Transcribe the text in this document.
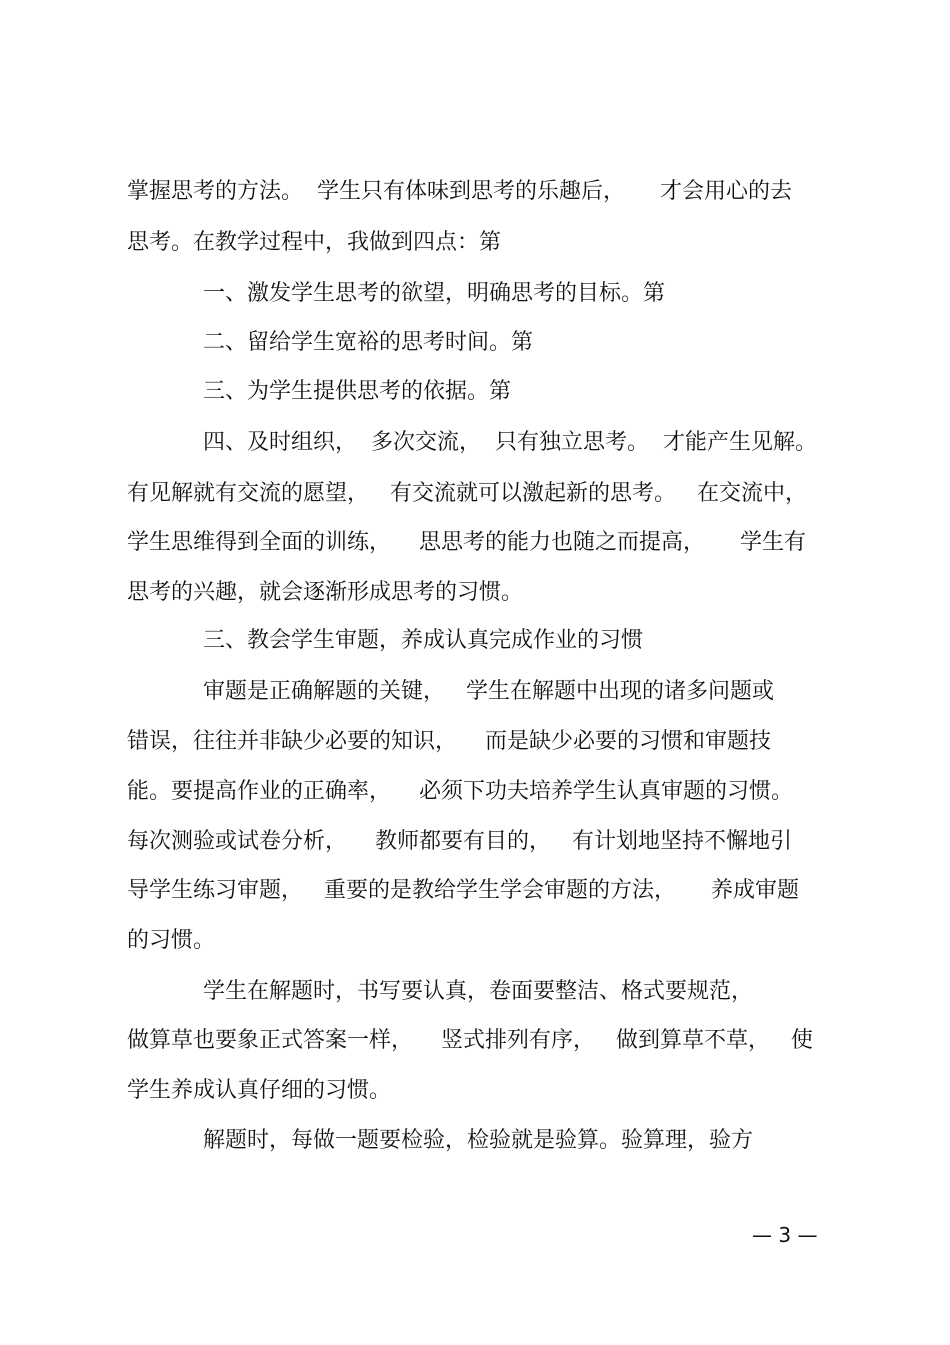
掌握思考的方法。  学生只有体味到思考的乐趣后，     才会用心的去
思考。在教学过程中，我做到四点：第
一、激发学生思考的欲望，明确思考的目标。第
二、留给学生宽裕的思考时间。第
三、为学生提供思考的依据。第
四、及时组织，  多次交流，  只有独立思考。  才能产生见解。
有见解就有交流的愿望，   有交流就可以激起新的思考。   在交流中，
学生思维得到全面的训练，    思思考的能力也随之而提高，     学生有
思考的兴趣，就会逐渐形成思考的习惯。
三、教会学生审题，养成认真完成作业的习惯
审题是正确解题的关键，   学生在解题中出现的诸多问题或
错误，往往并非缺少必要的知识，    而是缺少必要的习惯和审题技
能。要提高作业的正确率，    必须下功夫培养学生认真审题的习惯。
每次测验或试卷分析，    教师都要有目的，   有计划地坚持不懈地引
导学生练习审题，   重要的是教给学生学会审题的方法，     养成审题
的习惯。
学生在解题时，书写要认真，卷面要整洁、格式要规范，
做算草也要象正式答案一样，    竖式排列有序，   做到算草不草，   使
学生养成认真仔细的习惯。
解题时，每做一题要检验，检验就是验算。验算理，验方
— 3 —
